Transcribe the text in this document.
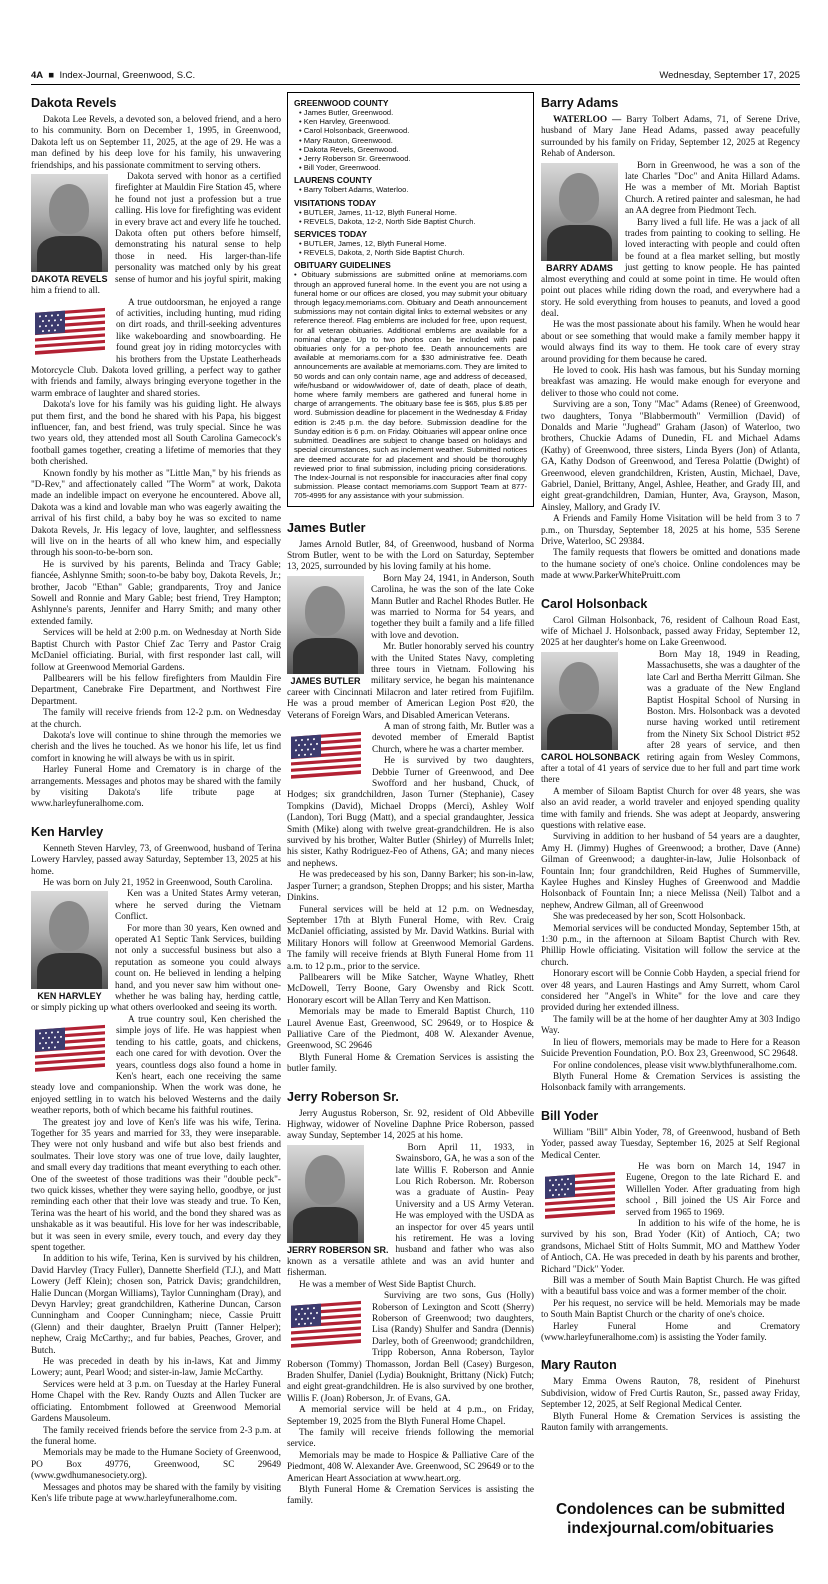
4A  ■  Index-Journal, Greenwood, S.C.	Wednesday, September 17, 2025
Dakota Revels

Dakota Lee Revels, a devoted son, a beloved friend, and a hero to his community. Born on December 1, 1995, in Greenwood, Dakota left us on September 11, 2025, at the age of 29. He was a man defined by his deep love for his family, his unwavering friendships, and his passionate commitment to serving others.

DAKOTA REVELS

Dakota served with honor as a certified firefighter at Mauldin Fire Station 45, where he found not just a profession but a true calling. His love for firefighting was evident in every brave act and every life he touched. Dakota often put others before himself, demonstrating his natural sense to help those in need. His larger-than-life personality was matched only by his great sense of humor and his joyful spirit, making him a friend to all.

A true outdoorsman, he enjoyed a range of activities, including hunting, mud riding on dirt roads, and thrill-seeking adventures like wakeboarding and snowboarding. He found great joy in riding motorcycles with his brothers from the Upstate Leatherheads Motorcycle Club. Dakota loved grilling, a perfect way to gather with friends and family, always bringing everyone together in the warm embrace of laughter and shared stories.

Dakota's love for his family was his guiding light. He always put them first, and the bond he shared with his Papa, his biggest influencer, fan, and best friend, was truly special. Since he was two years old, they attended most all South Carolina Gamecock's football games together, creating a lifetime of memories that they both cherished.

Known fondly by his mother as "Little Man," by his friends as "D-Rev," and affectionately called "The Worm" at work, Dakota made an indelible impact on everyone he encountered. Above all, Dakota was a kind and lovable man who was eagerly awaiting the arrival of his first child, a baby boy he was so excited to name Dakota Revels, Jr. His legacy of love, laughter, and selflessness will live on in the hearts of all who knew him, and especially through his soon-to-be-born son.

He is survived by his parents, Belinda and Tracy Gable; fiancée, Ashlynne Smith; soon-to-be baby boy, Dakota Revels, Jr.; brother, Jacob "Ethan" Gable; grandparents, Troy and Janice Sowell and Ronnie and Mary Gable; best friend, Trey Hampton; Ashlynne's parents, Jennifer and Harry Smith; and many other extended family.

Services will be held at 2:00 p.m. on Wednesday at North Side Baptist Church with Pastor Chief Zac Terry and Pastor Craig McDaniel officiating. Burial, with first responder last call, will follow at Greenwood Memorial Gardens.

Pallbearers will be his fellow firefighters from Mauldin Fire Department, Canebrake Fire Department, and Northwest Fire Department.

The family will receive friends from 12-2 p.m. on Wednesday at the church.

Dakota's love will continue to shine through the memories we cherish and the lives he touched. As we honor his life, let us find comfort in knowing he will always be with us in spirit.

Harley Funeral Home and Crematory is in charge of the arrangements. Messages and photos may be shared with the family by visiting Dakota's life tribute page at www.harleyfuneralhome.com.

Ken Harvley

Kenneth Steven Harvley, 73, of Greenwood, husband of Terina Lowery Harvley, passed away Saturday, September 13, 2025 at his home.

He was born on July 21, 1952 in Greenwood, South Carolina.

KEN HARVLEY

Ken was a United States Army veteran, where he served during the Vietnam Conflict.

For more than 30 years, Ken owned and operated A1 Septic Tank Services, building not only a successful business but also a reputation as someone you could always count on. He believed in lending a helping hand, and you never saw him without one-whether he was baling hay, herding cattle, or simply picking up what others overlooked and seeing its worth.

A true country soul, Ken cherished the simple joys of life. He was happiest when tending to his cattle, goats, and chickens, each one cared for with devotion. Over the years, countless dogs also found a home in Ken's heart, each one receiving the same steady love and companionship. When the work was done, he enjoyed settling in to watch his beloved Westerns and the daily weather reports, both of which became his faithful routines.

The greatest joy and love of Ken's life was his wife, Terina. Together for 35 years and married for 33, they were inseparable. They were not only husband and wife but also best friends and soulmates. Their love story was one of true love, daily laughter, and small every day traditions that meant everything to each other. One of the sweetest of those traditions was their "double peck"-two quick kisses, whether they were saying hello, goodbye, or just reminding each other that their love was steady and true. To Ken, Terina was the heart of his world, and the bond they shared was as unshakable as it was beautiful. His love for her was indescribable, but it was seen in every smile, every touch, and every day they spent together.

In addition to his wife, Terina, Ken is survived by his children, David Harvley (Tracy Fuller), Dannette Sherfield (T.J.), and Matt Lowery (Jeff Klein); chosen son, Patrick Davis; grandchildren, Halie Duncan (Morgan Williams), Taylor Cunningham (Dray), and Devyn Harvley; great grandchildren, Katherine Duncan, Carson Cunningham and Cooper Cunningham; niece, Cassie Pruitt (Glenn) and their daughter, Braelyn Pruitt (Tanner Helper); nephew, Craig McCarthy;, and fur babies, Peaches, Grover, and Butch.

He was preceded in death by his in-laws, Kat and Jimmy Lowery; aunt, Pearl Wood; and sister-in-law, Jamie McCarthy.

Services were held at 3 p.m. on Tuesday at the Harley Funeral Home Chapel with the Rev. Randy Ouzts and Allen Tucker are officiating. Entombment followed at Greenwood Memorial Gardens Mausoleum.

The family received friends before the service from 2-3 p.m. at the funeral home.

Memorials may be made to the Humane Society of Greenwood, PO Box 49776, Greenwood, SC 29649 (www.gwdhumanesociety.org).

Messages and photos may be shared with the family by visiting Ken's life tribute page at www.harleyfuneralhome.com.

GREENWOOD COUNTY
• James Butler, Greenwood.
• Ken Harvley, Greenwood.
• Carol Holsonback, Greenwood.
• Mary Rauton, Greenwood.
• Dakota Revels, Greenwood.
• Jerry Roberson Sr. Greenwood.
• Bill Yoder, Greenwood.
LAURENS COUNTY
• Barry Tolbert Adams, Waterloo.
VISITATIONS TODAY
• BUTLER, James, 11-12, Blyth Funeral Home.
• REVELS, Dakota, 12-2, North Side Baptist Church.
SERVICES TODAY
• BUTLER, James, 12, Blyth Funeral Home.
• REVELS, Dakota, 2, North Side Baptist Church.
OBITUARY GUIDELINES
• Obituary submissions are submitted online at memoriams.com through an approved funeral home. In the event you are not using a funeral home or our offices are closed, you may submit your obituary through legacy.memoriams.com. Obituary and Death announcement submissions may not contain digital links to external websites or any reference thereof. Flag emblems are included for free, upon request, for all veteran obituaries. Additional emblems are available for a nominal charge. Up to two photos can be included with paid obituaries only for a per-photo fee. Death announcements are available at memoriams.com for a $30 administrative fee. Death announcements are available at memoriams.com. They are limited to 50 words and can only contain name, age and address of deceased, wife/husband or widow/widower of, date of death, place of death, home where family members are gathered and funeral home in charge of arrangements. The obituary base fee is $65, plus $.85 per word. Submission deadline for placement in the Wednesday & Friday edition is 2:45 p.m. the day before. Submission deadline for the Sunday edition is 6 p.m. on Friday. Obituaries will appear online once submitted. Deadlines are subject to change based on holidays and special circumstances, such as inclement weather. Submitted notices are deemed accurate for ad placement and should be thoroughly reviewed prior to final submission, including pricing considerations. The Index-Journal is not responsible for inaccuracies after final copy submission. Please contact memoriams.com Support Team at 877-705-4995 for any assistance with your submission.
James Butler

James Arnold Butler, 84, of Greenwood, husband of Norma Strom Butler, went to be with the Lord on Saturday, September 13, 2025, surrounded by his loving family at his home.

JAMES BUTLER

Born May 24, 1941, in Anderson, South Carolina, he was the son of the late Coke Mann Butler and Rachel Rhodes Butler. He was married to Norma for 54 years, and together they built a family and a life filled with love and devotion.

Mr. Butler honorably served his country with the United States Navy, completing three tours in Vietnam. Following his military service, he began his maintenance career with Cincinnati Milacron and later retired from Fujifilm. He was a proud member of American Legion Post #20, the Veterans of Foreign Wars, and Disabled American Veterans.

A man of strong faith, Mr. Butler was a devoted member of Emerald Baptist Church, where he was a charter member.

He is survived by two daughters, Debbie Turner of Greenwood, and Dee Swofford and her husband, Chuck, of Hodges; six grandchildren, Jason Turner (Stephanie), Casey Tompkins (David), Michael Dropps (Merci), Ashley Wolf (Landon), Tori Bugg (Matt), and a special grandaughter, Jessica Smith (Mike) along with twelve great-grandchildren. He is also survived by his brother, Walter Butler (Shirley) of Murrells Inlet; his sister, Kathy Rodriguez-Feo of Athens, GA; and many nieces and nephews.

He was predeceased by his son, Danny Barker; his son-in-law, Jasper Turner; a grandson, Stephen Dropps; and his sister, Martha Dinkins.

Funeral services will be held at 12 p.m. on Wednesday, September 17th at Blyth Funeral Home, with Rev. Craig McDaniel officiating, assisted by Mr. David Watkins. Burial with Military Honors will follow at Greenwood Memorial Gardens. The family will receive friends at Blyth Funeral Home from 11 a.m. to 12 p.m., prior to the service.

Pallbearers will be Mike Satcher, Wayne Whatley, Rhett McDowell, Terry Boone, Gary Owensby and Rick Scott. Honorary escort will be Allan Terry and Ken Mattison.

Memorials may be made to Emerald Baptist Church, 110 Laurel Avenue East, Greenwood, SC 29649, or to Hospice & Palliative Care of the Piedmont, 408 W. Alexander Avenue, Greenwood, SC 29646

Blyth Funeral Home & Cremation Services is assisting the butler family.

Jerry Roberson Sr.

Jerry Augustus Roberson, Sr. 92, resident of Old Abbeville Highway, widower of Noveline Daphne Price Roberson, passed away Sunday, September 14, 2025 at his home.

JERRY ROBERSON SR.

Born April 11, 1933, in Swainsboro, GA, he was a son of the late Willis F. Roberson and Annie Lou Rich Roberson. Mr. Roberson was a graduate of Austin- Peay University and a US Army Veteran. He was employed with the USDA as an inspector for over 45 years until his retirement. He was a loving husband and father who was also known as a versatile athlete and was an avid hunter and fisherman.

He was a member of West Side Baptist Church.

Surviving are two sons, Gus (Holly) Roberson of Lexington and Scott (Sherry) Roberson of Greenwood; two daughters, Lisa (Randy) Shulfer and Sandra (Dennis) Darley, both of Greenwood; grandchildren, Tripp Roberson, Anna Roberson, Taylor Roberson (Tommy) Thomasson, Jordan Bell (Casey) Burgeson, Braden Shulfer, Daniel (Lydia) Bouknight, Brittany (Nick) Futch; and eight great-grandchildren. He is also survived by one brother, Willis F. (Joan) Roberson, Jr. of Evans, GA.

A memorial service will be held at 4 p.m., on Friday, September 19, 2025 from the Blyth Funeral Home Chapel.

The family will receive friends following the memorial service.

Memorials may be made to Hospice & Palliative Care of the Piedmont, 408 W. Alexander Ave. Greenwood, SC 29649 or to the American Heart Association at www.heart.org.

Blyth Funeral Home & Cremation Services is assisting the family.

Barry Adams

WATERLOO — Barry Tolbert Adams, 71, of Serene Drive, husband of Mary Jane Head Adams, passed away peacefully surrounded by his family on Friday, September 12, 2025 at Regency Rehab of Anderson.

BARRY ADAMS

Born in Greenwood, he was a son of the late Charles "Doc" and Anita Hillard Adams. He was a member of Mt. Moriah Baptist Church. A retired painter and salesman, he had an AA degree from Piedmont Tech.

Barry lived a full life. He was a jack of all trades from painting to cooking to selling. He loved interacting with people and could often be found at a flea market selling, but mostly just getting to know people. He has painted almost everything and could at some point in time. He would often point out places while riding down the road, and everywhere had a story. He sold everything from houses to peanuts, and loved a good deal.

He was the most passionate about his family. When he would hear about or see something that would make a family member happy it would always find its way to them. He took care of every stray around providing for them because he cared.

He loved to cook. His hash was famous, but his Sunday morning breakfast was amazing. He would make enough for everyone and deliver to those who could not come.

Surviving are a son, Tony "Mac" Adams (Renee) of Greenwood, two daughters, Tonya "Blabbermouth" Vermillion (David) of Donalds and Marie "Jughead" Graham (Jason) of Waterloo, two brothers, Chuckie Adams of Dunedin, FL and Michael Adams (Kathy) of Greenwood, three sisters, Linda Byers (Jon) of Atlanta, GA, Kathy Dodson of Greenwood, and Teresa Polattie (Dwight) of Greenwood, eleven grandchildren, Kristen, Austin, Michael, Dave, Gabriel, Daniel, Brittany, Angel, Ashlee, Heather, and Grady III, and eight great-grandchildren, Damian, Hunter, Ava, Grayson, Mason, Ainsley, Mallory, and Grady IV.

A Friends and Family Home Visitation will be held from 3 to 7 p.m., on Thursday, September 18, 2025 at his home, 535 Serene Drive, Waterloo, SC 29384.

The family requests that flowers be omitted and donations made to the humane society of one's choice. Online condolences may be made at www.ParkerWhitePruitt.com

Carol Holsonback

Carol Gilman Holsonback, 76, resident of Calhoun Road East, wife of Michael J. Holsonback, passed away Friday, September 12, 2025 at her daughter's home on Lake Greenwood.

CAROL HOLSONBACK

Born May 18, 1949 in Reading, Massachusetts, she was a daughter of the late Carl and Bertha Merritt Gilman. She was a graduate of the New England Baptist Hospital School of Nursing in Boston. Mrs. Holsonback was a devoted nurse having worked until retirement from the Ninety Six School District #52 after 28 years of service, and then retiring again from Wesley Commons, after a total of 41 years of service due to her full and part time work there

A member of Siloam Baptist Church for over 48 years, she was also an avid reader, a world traveler and enjoyed spending quality time with family and friends. She was adept at Jeopardy, answering questions with relative ease.

Surviving in addition to her husband of 54 years are a daughter, Amy H. (Jimmy) Hughes of Greenwood; a brother, Dave (Anne) Gilman of Greenwood; a daughter-in-law, Julie Holsonback of Fountain Inn; four grandchildren, Reid Hughes of Summerville, Kaylee Hughes and Kinsley Hughes of Greenwood and Maddie Holsonback of Fountain Inn; a niece Melissa (Neil) Talbot and a nephew, Andrew Gilman, all of Greenwood

She was predeceased by her son, Scott Holsonback.

Memorial services will be conducted Monday, September 15th, at 1:30 p.m., in the afternoon at Siloam Baptist Church with Rev. Phillip Howle officiating. Visitation will follow the service at the church.

Honorary escort will be Connie Cobb Hayden, a special friend for over 48 years, and Lauren Hastings and Amy Surrett, whom Carol considered her "Angel's in White" for the love and care they provided during her extended illness.

The family will be at the home of her daughter Amy at 303 Indigo Way.

In lieu of flowers, memorials may be made to Here for a Reason Suicide Prevention Foundation, P.O. Box 23, Greenwood, SC 29648.

For online condolences, please visit www.blythfuneralhome.com.

Blyth Funeral Home & Cremation Services is assisting the Holsonback family with arrangements.

Bill Yoder

William "Bill" Albin Yoder, 78, of Greenwood, husband of Beth Yoder, passed away Tuesday, September 16, 2025 at Self Regional Medical Center.

He was born on March 14, 1947 in Eugene, Oregon to the late Richard E. and Willellen Yoder. After graduating from high school , Bill joined the US Air Force and served from 1965 to 1969.

In addition to his wife of the home, he is survived by his son, Brad Yoder (Kit) of Antioch, CA; two grandsons, Michael Stitt of Holts Summit, MO and Matthew Yoder of Antioch, CA. He was preceded in death by his parents and brother, Richard "Dick" Yoder.

Bill was a member of South Main Baptist Church. He was gifted with a beautiful bass voice and was a former member of the choir.

Per his request, no service will be held. Memorials may be made to South Main Baptist Church or the charity of one's choice.

Harley Funeral Home and Crematory (www.harleyfuneralhome.com) is assisting the Yoder family.

Mary Rauton

Mary Emma Owens Rauton, 78, resident of Pinehurst Subdivision, widow of Fred Curtis Rauton, Sr., passed away Friday, September 12, 2025, at Self Regional Medical Center.

Blyth Funeral Home & Cremation Services is assisting the Rauton family with arrangements.

Condolences can be submitted
indexjournal.com/obituaries
